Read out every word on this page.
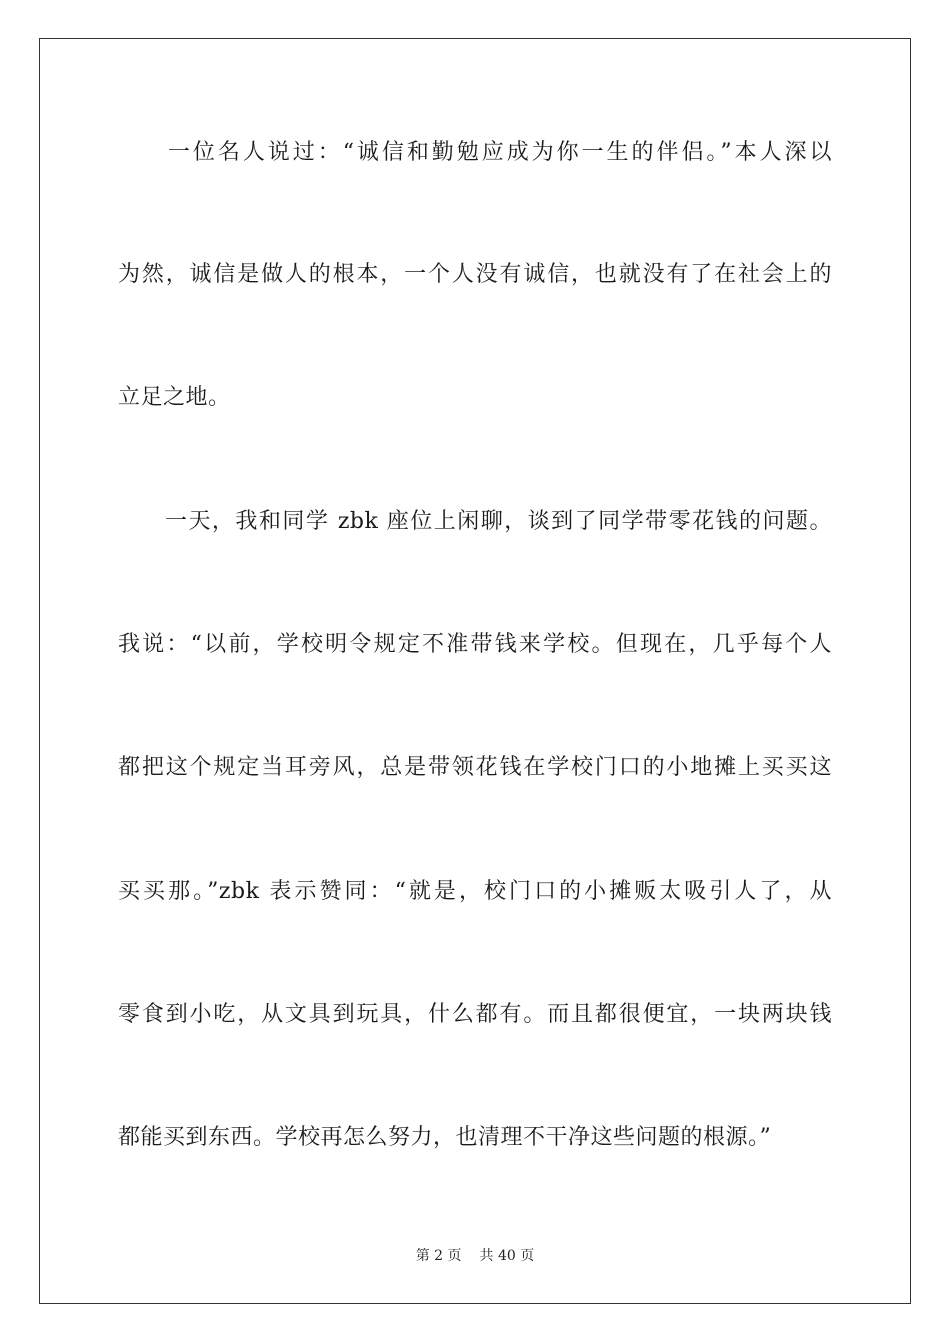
　　一位名人说过：“诚信和勤勉应成为你一生的伴侣。”本人深以
为然，诚信是做人的根本，一个人没有诚信，也就没有了在社会上的
立足之地。
　　一天，我和同学 zbk 座位上闲聊，谈到了同学带零花钱的问题。
我说：“以前，学校明令规定不准带钱来学校。但现在，几乎每个人
都把这个规定当耳旁风，总是带领花钱在学校门口的小地摊上买买这
买买那。”zbk 表示赞同：“就是，校门口的小摊贩太吸引人了，从
零食到小吃，从文具到玩具，什么都有。而且都很便宜，一块两块钱
都能买到东西。学校再怎么努力，也清理不干净这些问题的根源。”
第 2 页 共 40 页
